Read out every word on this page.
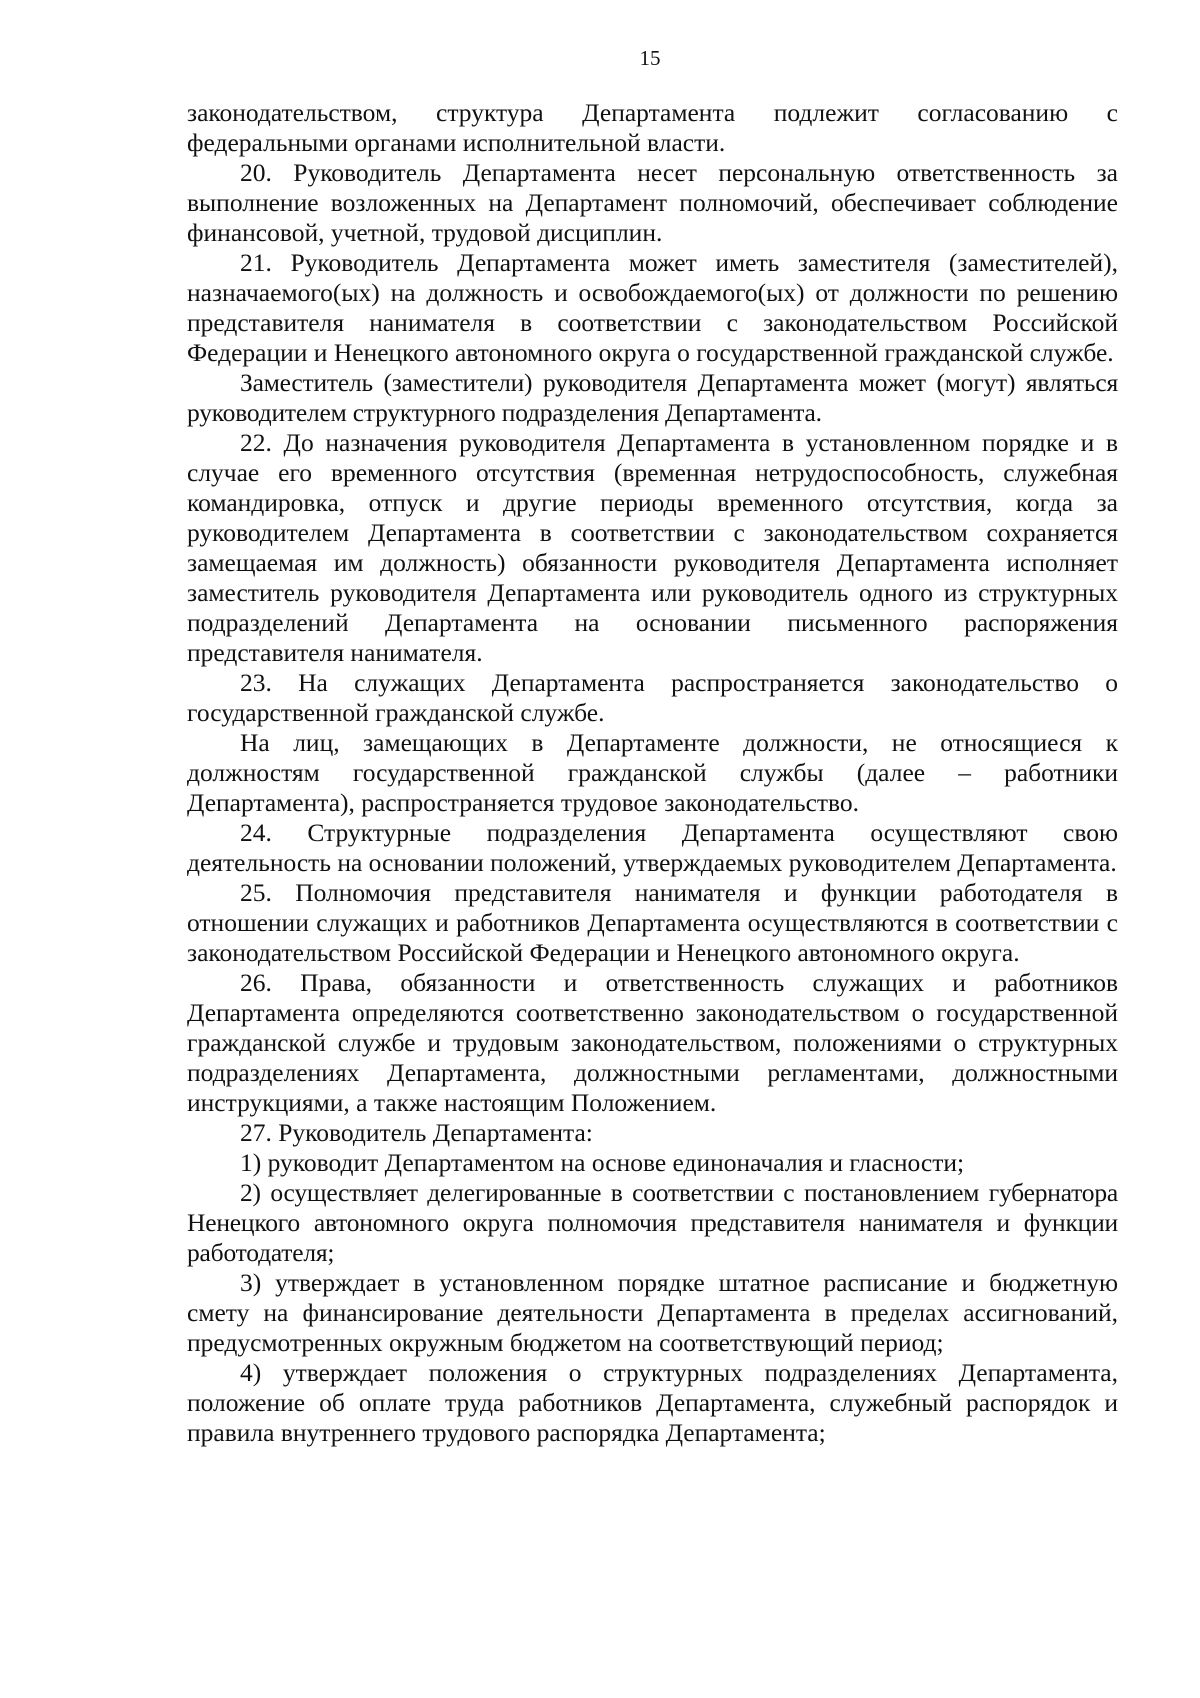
15

законодательством, структура Департамента подлежит согласованию с федеральными органами исполнительной власти.

20. Руководитель Департамента несет персональную ответственность за выполнение возложенных на Департамент полномочий, обеспечивает соблюдение финансовой, учетной, трудовой дисциплин.

21. Руководитель Департамента может иметь заместителя (заместителей), назначаемого(ых) на должность и освобождаемого(ых) от должности по решению представителя нанимателя в соответствии с законодательством Российской Федерации и Ненецкого автономного округа о государственной гражданской службе.

Заместитель (заместители) руководителя Департамента может (могут) являться руководителем структурного подразделения Департамента.

22. До назначения руководителя Департамента в установленном порядке и в случае его временного отсутствия (временная нетрудоспособность, служебная командировка, отпуск и другие периоды временного отсутствия, когда за руководителем Департамента в соответствии с законодательством сохраняется замещаемая им должность) обязанности руководителя Департамента исполняет заместитель руководителя Департамента или руководитель одного из структурных подразделений Департамента на основании письменного распоряжения представителя нанимателя.

23. На служащих Департамента распространяется законодательство о государственной гражданской службе.

На лиц, замещающих в Департаменте должности, не относящиеся к должностям государственной гражданской службы (далее – работники Департамента), распространяется трудовое законодательство.

24. Структурные подразделения Департамента осуществляют свою деятельность на основании положений, утверждаемых руководителем Департамента.

25. Полномочия представителя нанимателя и функции работодателя в отношении служащих и работников Департамента осуществляются в соответствии с законодательством Российской Федерации и Ненецкого автономного округа.

26. Права, обязанности и ответственность служащих и работников Департамента определяются соответственно законодательством о государственной гражданской службе и трудовым законодательством, положениями о структурных подразделениях Департамента, должностными регламентами, должностными инструкциями, а также настоящим Положением.

27. Руководитель Департамента:

1) руководит Департаментом на основе единоначалия и гласности;

2) осуществляет делегированные в соответствии с постановлением губернатора Ненецкого автономного округа полномочия представителя нанимателя и функции работодателя;

3) утверждает в установленном порядке штатное расписание и бюджетную смету на финансирование деятельности Департамента в пределах ассигнований, предусмотренных окружным бюджетом на соответствующий период;

4) утверждает положения о структурных подразделениях Департамента, положение об оплате труда работников Департамента, служебный распорядок и правила внутреннего трудового распорядка Департамента;
